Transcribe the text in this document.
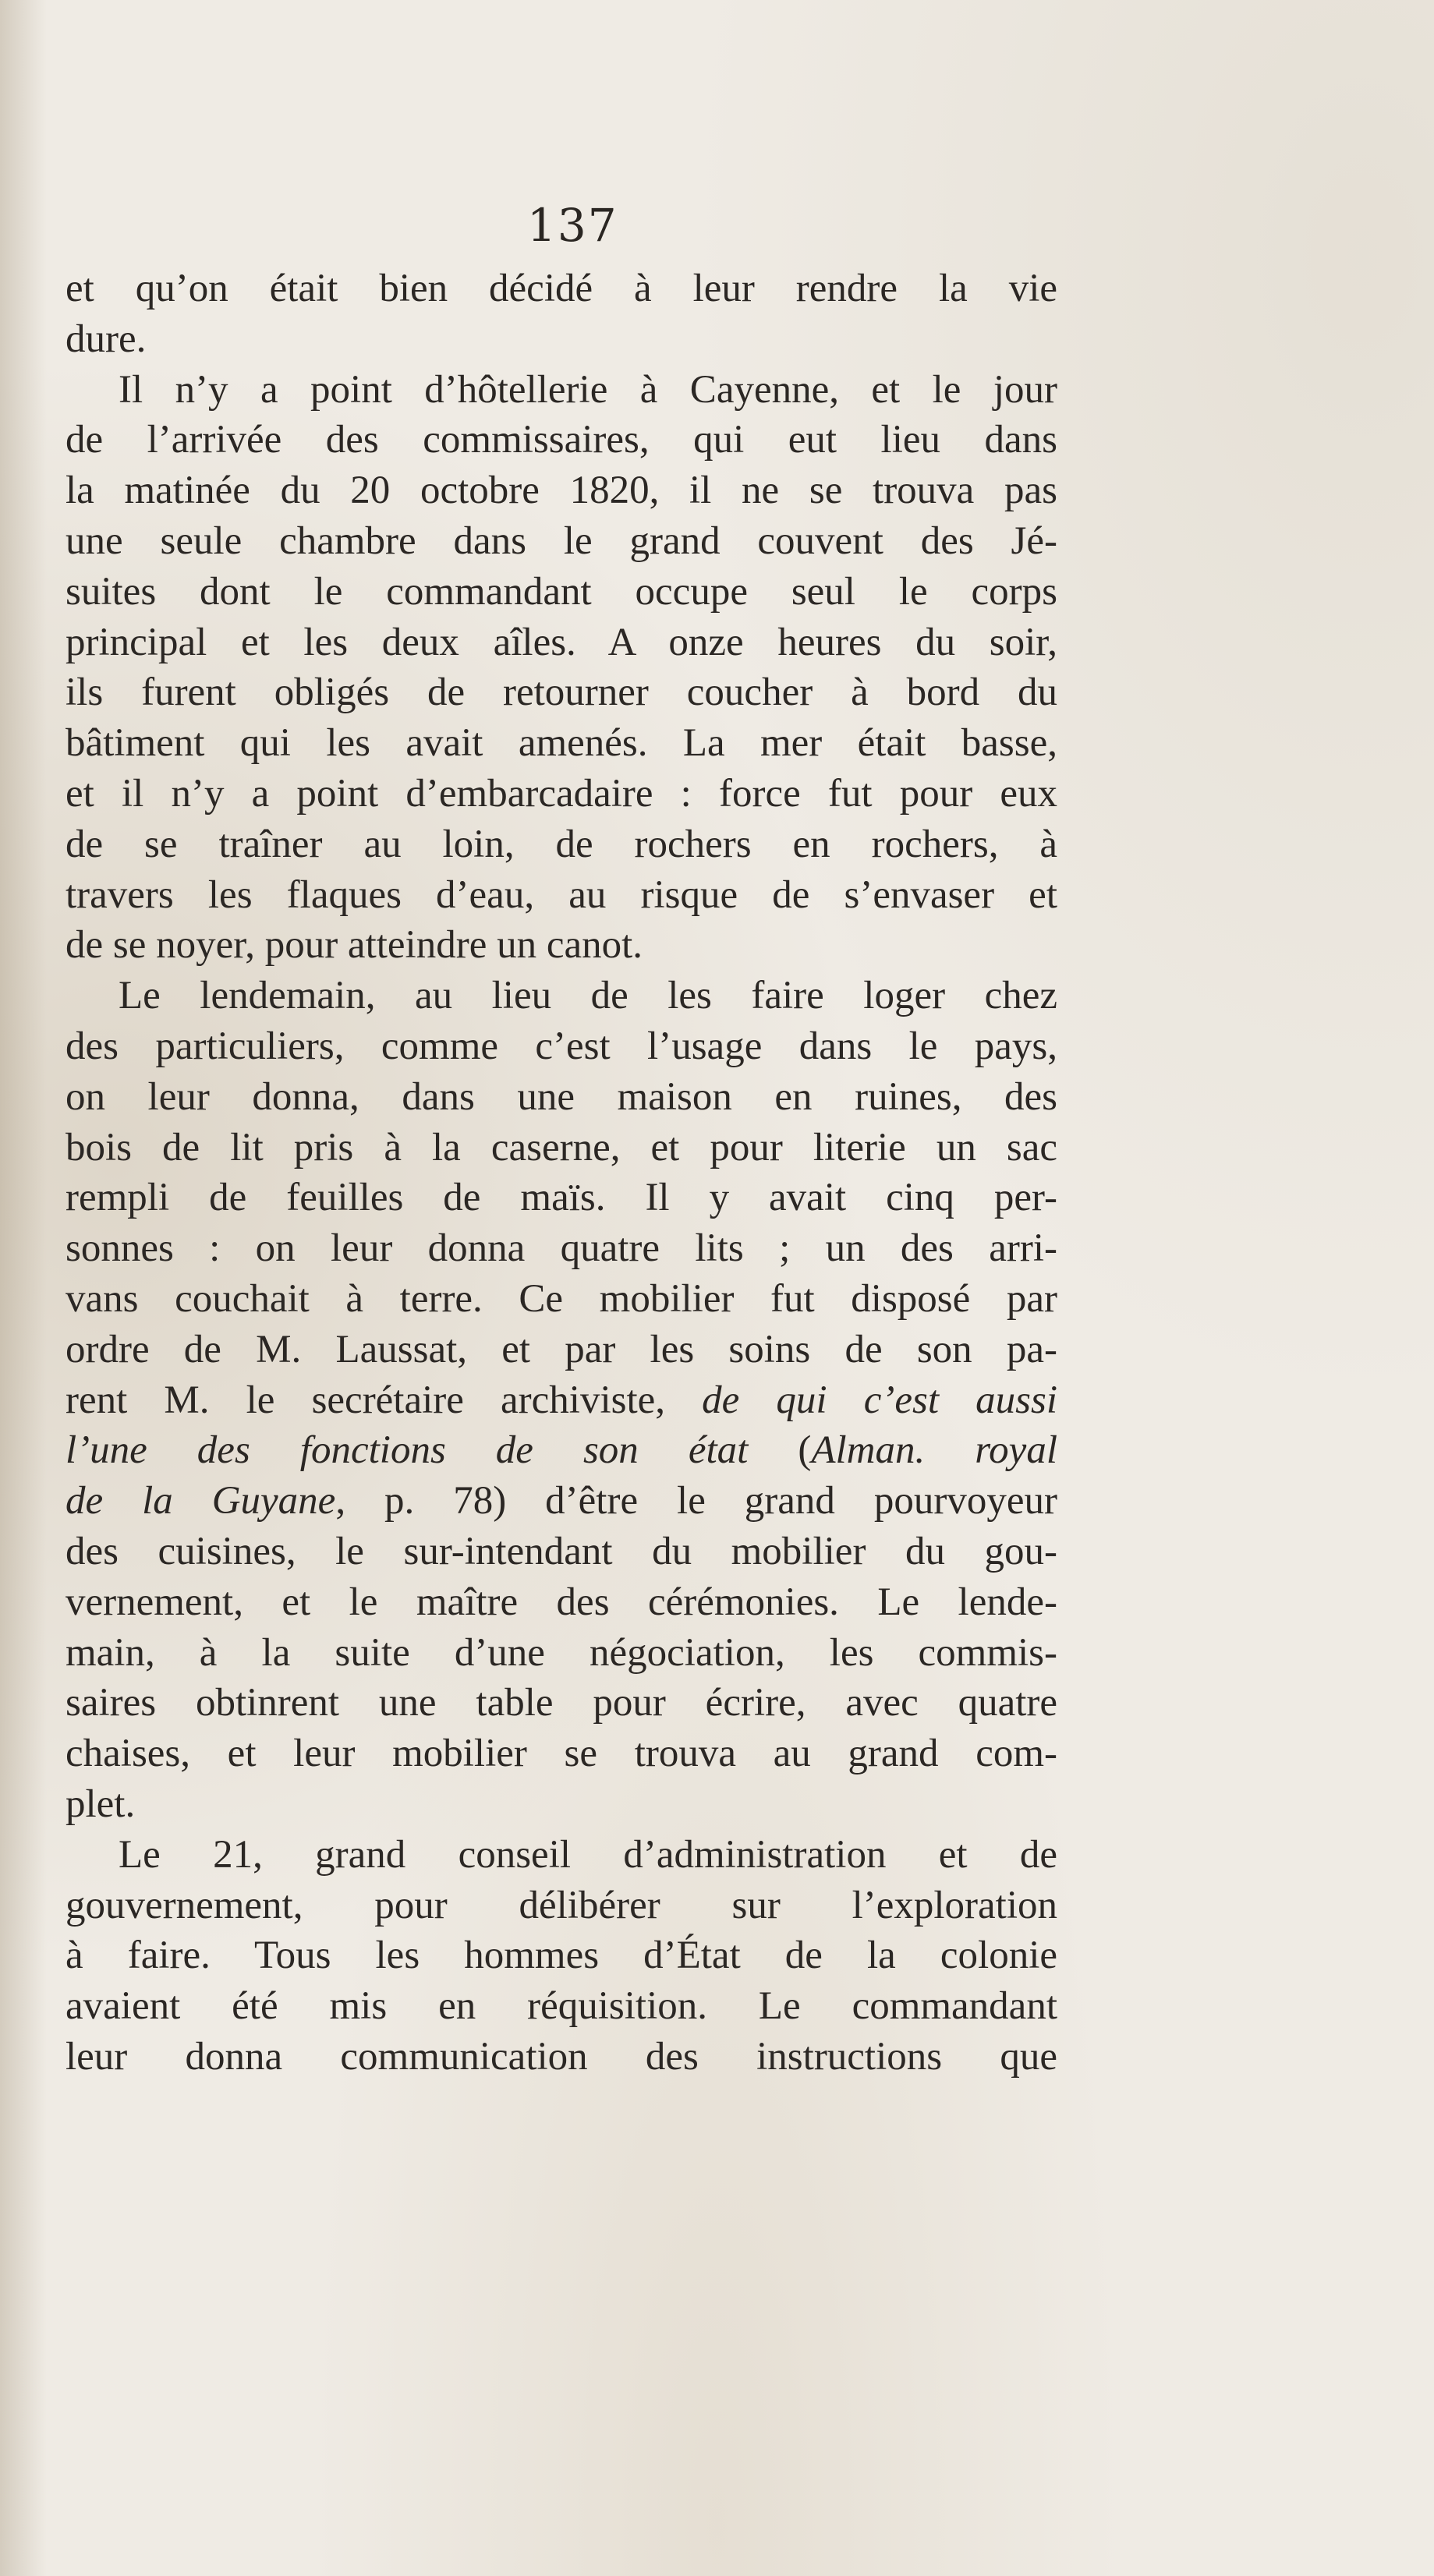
137
et qu’on était bien décidé à leur rendre la vie
dure.
Il n’y a point d’hôtellerie à Cayenne, et le jour
de l’arrivée des commissaires, qui eut lieu dans
la matinée du 20 octobre 1820, il ne se trouva pas
une seule chambre dans le grand couvent des Jé-
suites dont le commandant occupe seul le corps
principal et les deux aîles. A onze heures du soir,
ils furent obligés de retourner coucher à bord du
bâtiment qui les avait amenés. La mer était basse,
et il n’y a point d’embarcadaire : force fut pour eux
de se traîner au loin, de rochers en rochers, à
travers les flaques d’eau, au risque de s’envaser et
de se noyer, pour atteindre un canot.
Le lendemain, au lieu de les faire loger chez
des particuliers, comme c’est l’usage dans le pays,
on leur donna, dans une maison en ruines, des
bois de lit pris à la caserne, et pour literie un sac
rempli de feuilles de maïs. Il y avait cinq per-
sonnes : on leur donna quatre lits ; un des arri-
vans couchait à terre. Ce mobilier fut disposé par
ordre de M. Laussat, et par les soins de son pa-
rent M. le secrétaire archiviste, de qui c’est aussi
l’une des fonctions de son état (Alman. royal
de la Guyane, p. 78) d’être le grand pourvoyeur
des cuisines, le sur-intendant du mobilier du gou-
vernement, et le maître des cérémonies. Le lende-
main, à la suite d’une négociation, les commis-
saires obtinrent une table pour écrire, avec quatre
chaises, et leur mobilier se trouva au grand com-
plet.
Le 21, grand conseil d’administration et de
gouvernement, pour délibérer sur l’exploration
à faire. Tous les hommes d’État de la colonie
avaient été mis en réquisition. Le commandant
leur donna communication des instructions que
